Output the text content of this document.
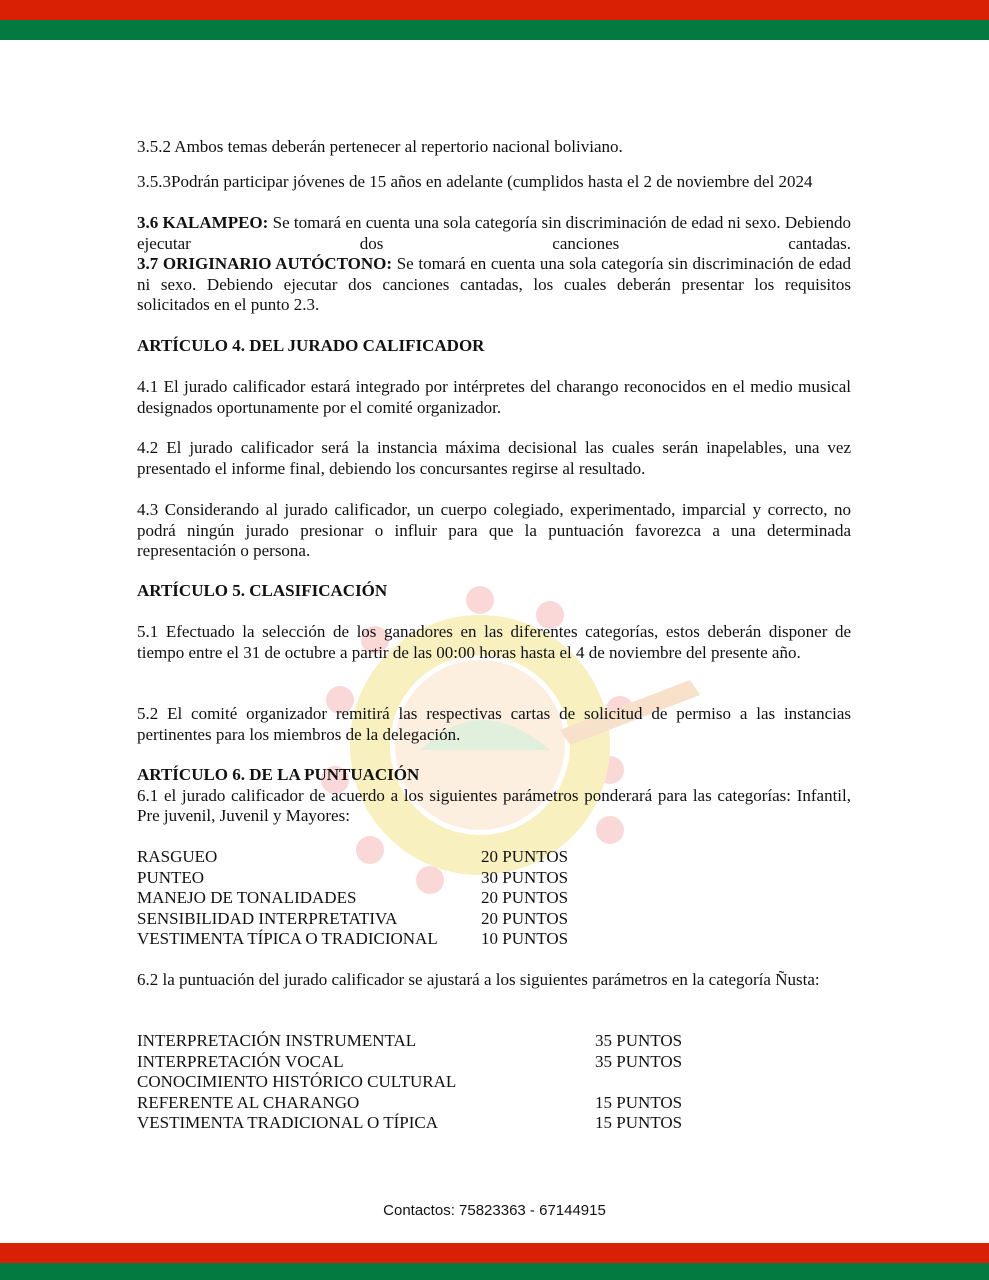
3.5.2 Ambos temas deberán pertenecer al repertorio nacional boliviano.
3.5.3Podrán participar jóvenes de 15 años en adelante (cumplidos hasta el 2 de noviembre del 2024

3.6 KALAMPEO: Se tomará en cuenta una sola categoría sin discriminación de edad ni sexo. Debiendo ejecutar dos canciones cantadas.

3.7 ORIGINARIO AUTÓCTONO: Se tomará en cuenta una sola categoría sin discriminación de edad ni sexo. Debiendo ejecutar dos canciones cantadas, los cuales deberán presentar los requisitos solicitados en el punto 2.3.

ARTÍCULO 4. DEL JURADO CALIFICADOR
4.1 El jurado calificador estará integrado por intérpretes del charango reconocidos en el medio musical designados oportunamente por el comité organizador.
4.2 El jurado calificador será la instancia máxima decisional las cuales serán inapelables, una vez presentado el informe final, debiendo los concursantes regirse al resultado.
4.3 Considerando al jurado calificador, un cuerpo colegiado, experimentado, imparcial y correcto, no podrá ningún jurado presionar o influir para que la puntuación favorezca a una determinada representación o persona.
ARTÍCULO 5. CLASIFICACIÓN
5.1 Efectuado la selección de los ganadores en las diferentes categorías, estos deberán disponer de tiempo entre el 31 de octubre a partir de las 00:00 horas hasta el 4 de noviembre del presente año.
5.2 El comité organizador remitirá las respectivas cartas de solicitud de permiso a las instancias pertinentes para los miembros de la delegación.

ARTÍCULO 6. DE LA PUNTUACIÓN

6.1 el jurado calificador de acuerdo a los siguientes parámetros ponderará para las categorías: Infantil, Pre juvenil, Juvenil y Mayores:

RASGUEO	20 PUNTOS
PUNTEO	30 PUNTOS
MANEJO DE TONALIDADES	20 PUNTOS
SENSIBILIDAD INTERPRETATIVA	20 PUNTOS
VESTIMENTA TÍPICA O TRADICIONAL	10 PUNTOS
6.2 la puntuación del jurado calificador se ajustará a los siguientes parámetros en la categoría Ñusta:
INTERPRETACIÓN INSTRUMENTAL	35 PUNTOS
INTERPRETACIÓN VOCAL	35 PUNTOS
CONOCIMIENTO HISTÓRICO CULTURAL
REFERENTE AL CHARANGO	15 PUNTOS
VESTIMENTA TRADICIONAL O TÍPICA	15 PUNTOS
Contactos: 75823363 - 67144915
